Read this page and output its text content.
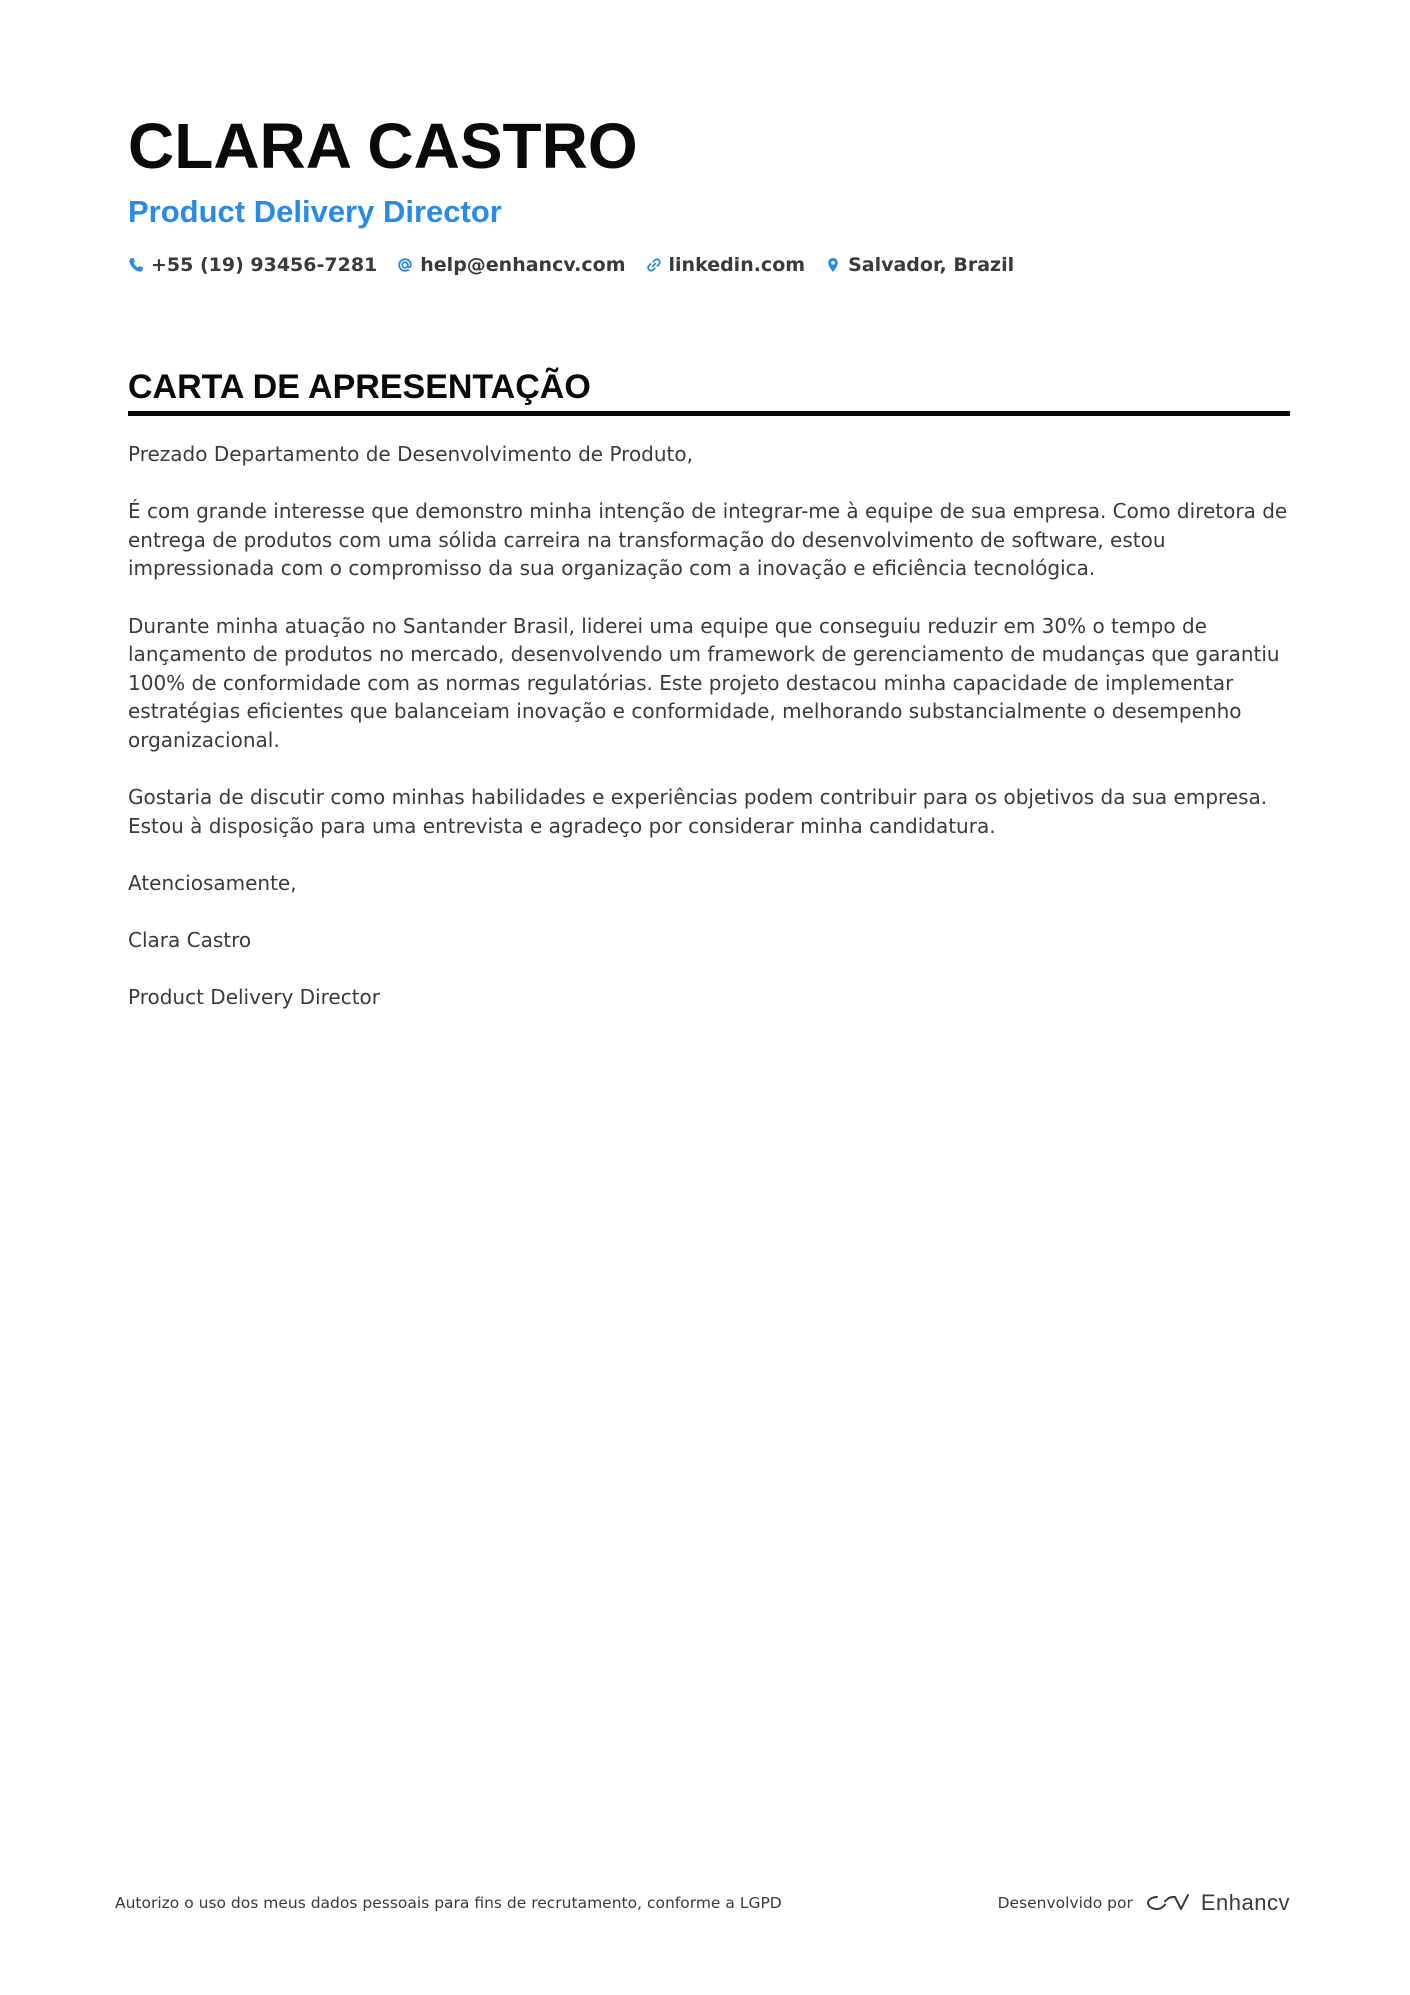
CLARA CASTRO
Product Delivery Director
+55 (19) 93456-7281 help@enhancv.com linkedin.com Salvador, Brazil
CARTA DE APRESENTAÇÃO

Prezado Departamento de Desenvolvimento de Produto,

É com grande interesse que demonstro minha intenção de integrar-me à equipe de sua empresa. Como diretora de entrega de produtos com uma sólida carreira na transformação do desenvolvimento de software, estou impressionada com o compromisso da sua organização com a inovação e eficiência tecnológica.

Durante minha atuação no Santander Brasil, liderei uma equipe que conseguiu reduzir em 30% o tempo de lançamento de produtos no mercado, desenvolvendo um framework de gerenciamento de mudanças que garantiu 100% de conformidade com as normas regulatórias. Este projeto destacou minha capacidade de implementar estratégias eficientes que balanceiam inovação e conformidade, melhorando substancialmente o desempenho organizacional.

Gostaria de discutir como minhas habilidades e experiências podem contribuir para os objetivos da sua empresa. Estou à disposição para uma entrevista e agradeço por considerar minha candidatura.

Atenciosamente,

Clara Castro

Product Delivery Director

Autorizo o uso dos meus dados pessoais para fins de recrutamento, conforme a LGPD	Desenvolvido por	Enhancv
